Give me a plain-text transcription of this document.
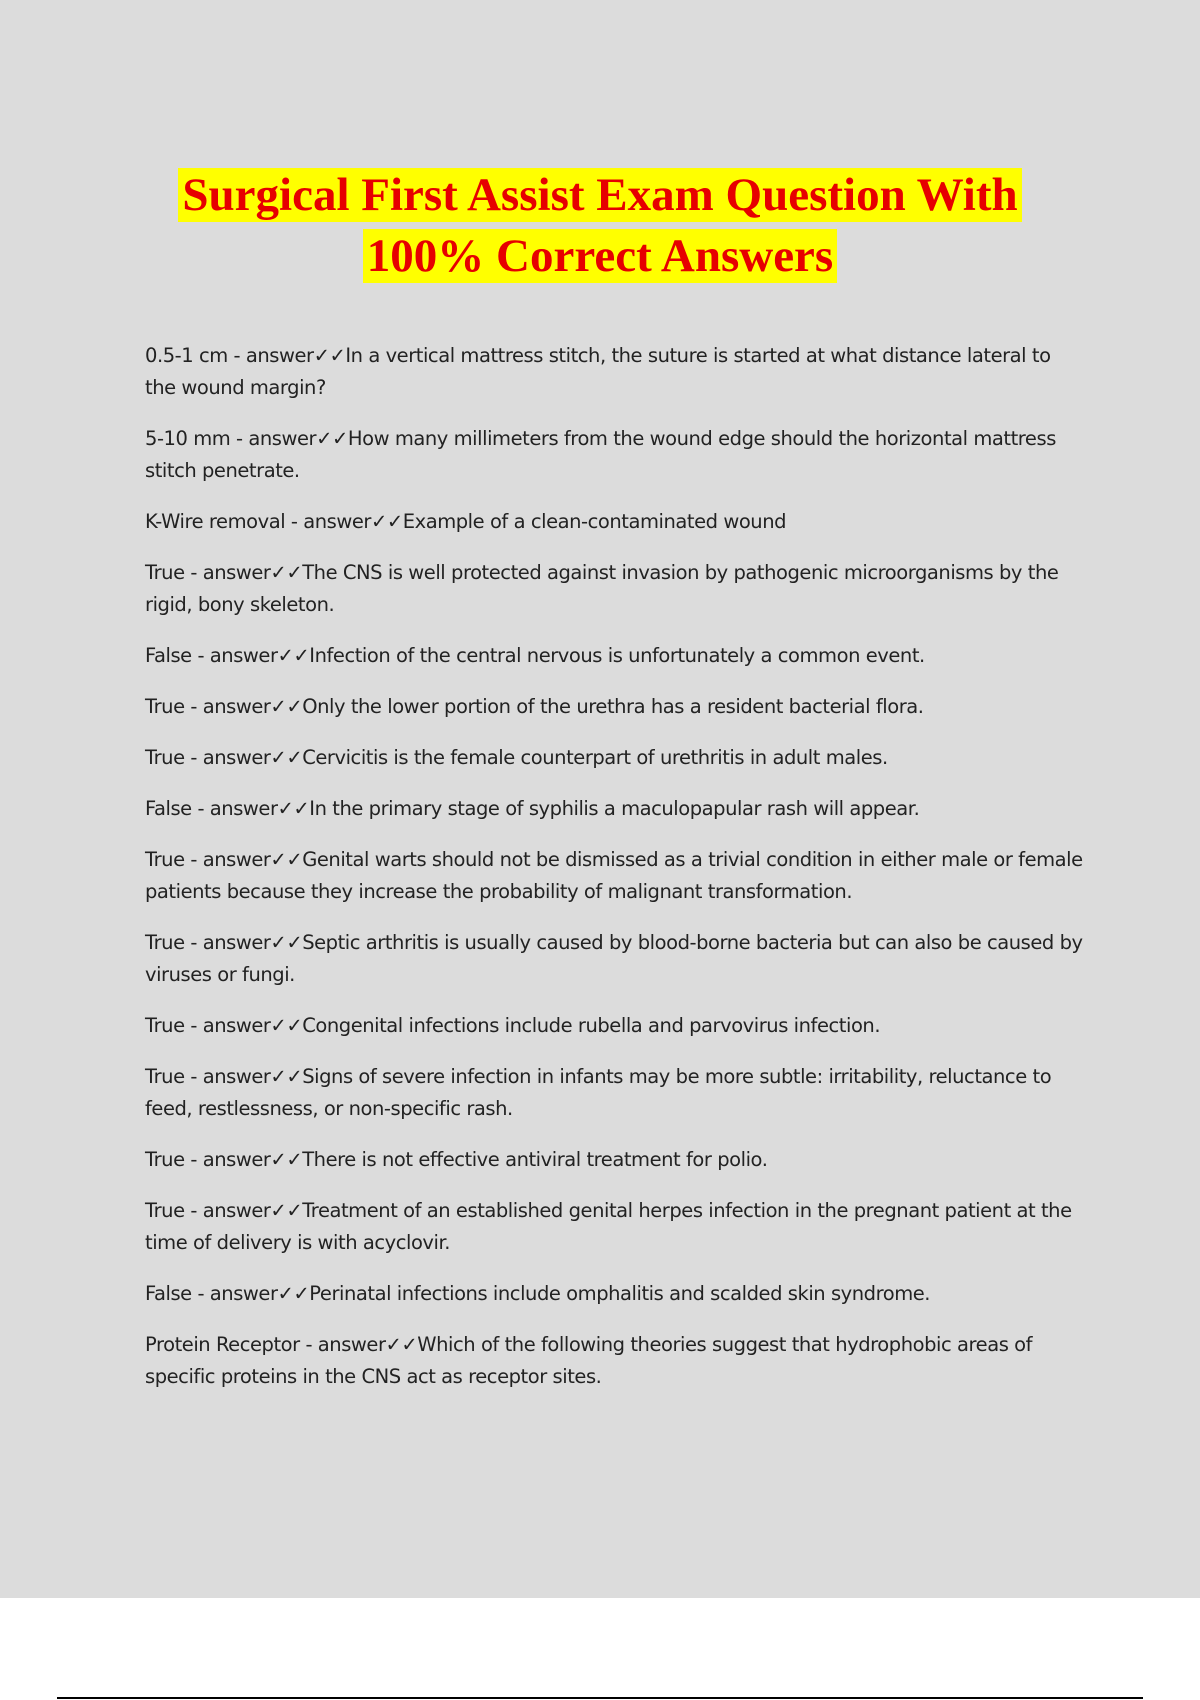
Surgical First Assist Exam Question With
100% Correct Answers
0.5-1 cm - answer✓✓In a vertical mattress stitch, the suture is started at what distance lateral to the wound margin?
5-10 mm - answer✓✓How many millimeters from the wound edge should the horizontal mattress stitch penetrate.
K-Wire removal - answer✓✓Example of a clean-contaminated wound
True - answer✓✓The CNS is well protected against invasion by pathogenic microorganisms by the rigid, bony skeleton.
False - answer✓✓Infection of the central nervous is unfortunately a common event.
True - answer✓✓Only the lower portion of the urethra has a resident bacterial flora.
True - answer✓✓Cervicitis is the female counterpart of urethritis in adult males.
False - answer✓✓In the primary stage of syphilis a maculopapular rash will appear.
True - answer✓✓Genital warts should not be dismissed as a trivial condition in either male or female patients because they increase the probability of malignant transformation.
True - answer✓✓Septic arthritis is usually caused by blood-borne bacteria but can also be caused by viruses or fungi.
True - answer✓✓Congenital infections include rubella and parvovirus infection.
True - answer✓✓Signs of severe infection in infants may be more subtle: irritability, reluctance to feed, restlessness, or non-specific rash.
True - answer✓✓There is not effective antiviral treatment for polio.
True - answer✓✓Treatment of an established genital herpes infection in the pregnant patient at the time of delivery is with acyclovir.
False - answer✓✓Perinatal infections include omphalitis and scalded skin syndrome.
Protein Receptor - answer✓✓Which of the following theories suggest that hydrophobic areas of specific proteins in the CNS act as receptor sites.
